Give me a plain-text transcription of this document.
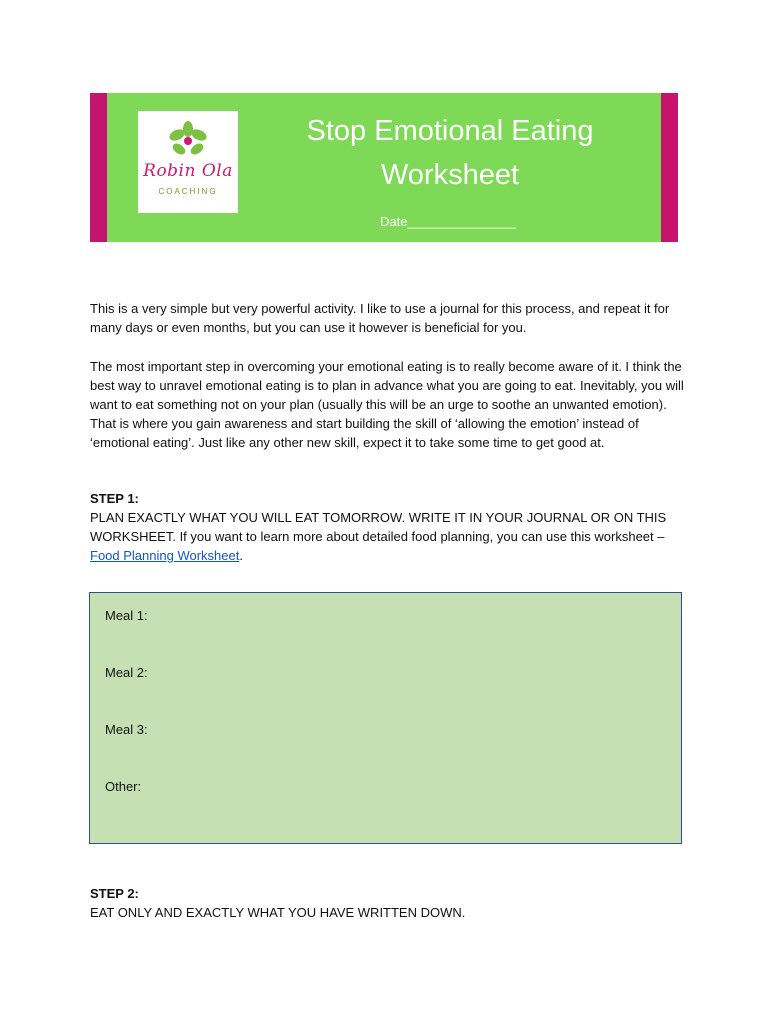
Robin Ola
COACHING
Stop Emotional Eating
Worksheet
Date_______________

This is a very simple but very powerful activity. I like to use a journal for this process, and repeat it for many days or even months, but you can use it however is beneficial for you.

The most important step in overcoming your emotional eating is to really become aware of it. I think the best way to unravel emotional eating is to plan in advance what you are going to eat. Inevitably, you will want to eat something not on your plan (usually this will be an urge to soothe an unwanted emotion). That is where you gain awareness and start building the skill of ‘allowing the emotion’ instead of ‘emotional eating’. Just like any other new skill, expect it to take some time to get good at.

STEP 1:
PLAN EXACTLY WHAT YOU WILL EAT TOMORROW. WRITE IT IN YOUR JOURNAL OR ON THIS WORKSHEET. If you want to learn more about detailed food planning, you can use this worksheet – Food Planning Worksheet.
Meal 1:
Meal 2:
Meal 3:
Other:
STEP 2:
EAT ONLY AND EXACTLY WHAT YOU HAVE WRITTEN DOWN.
